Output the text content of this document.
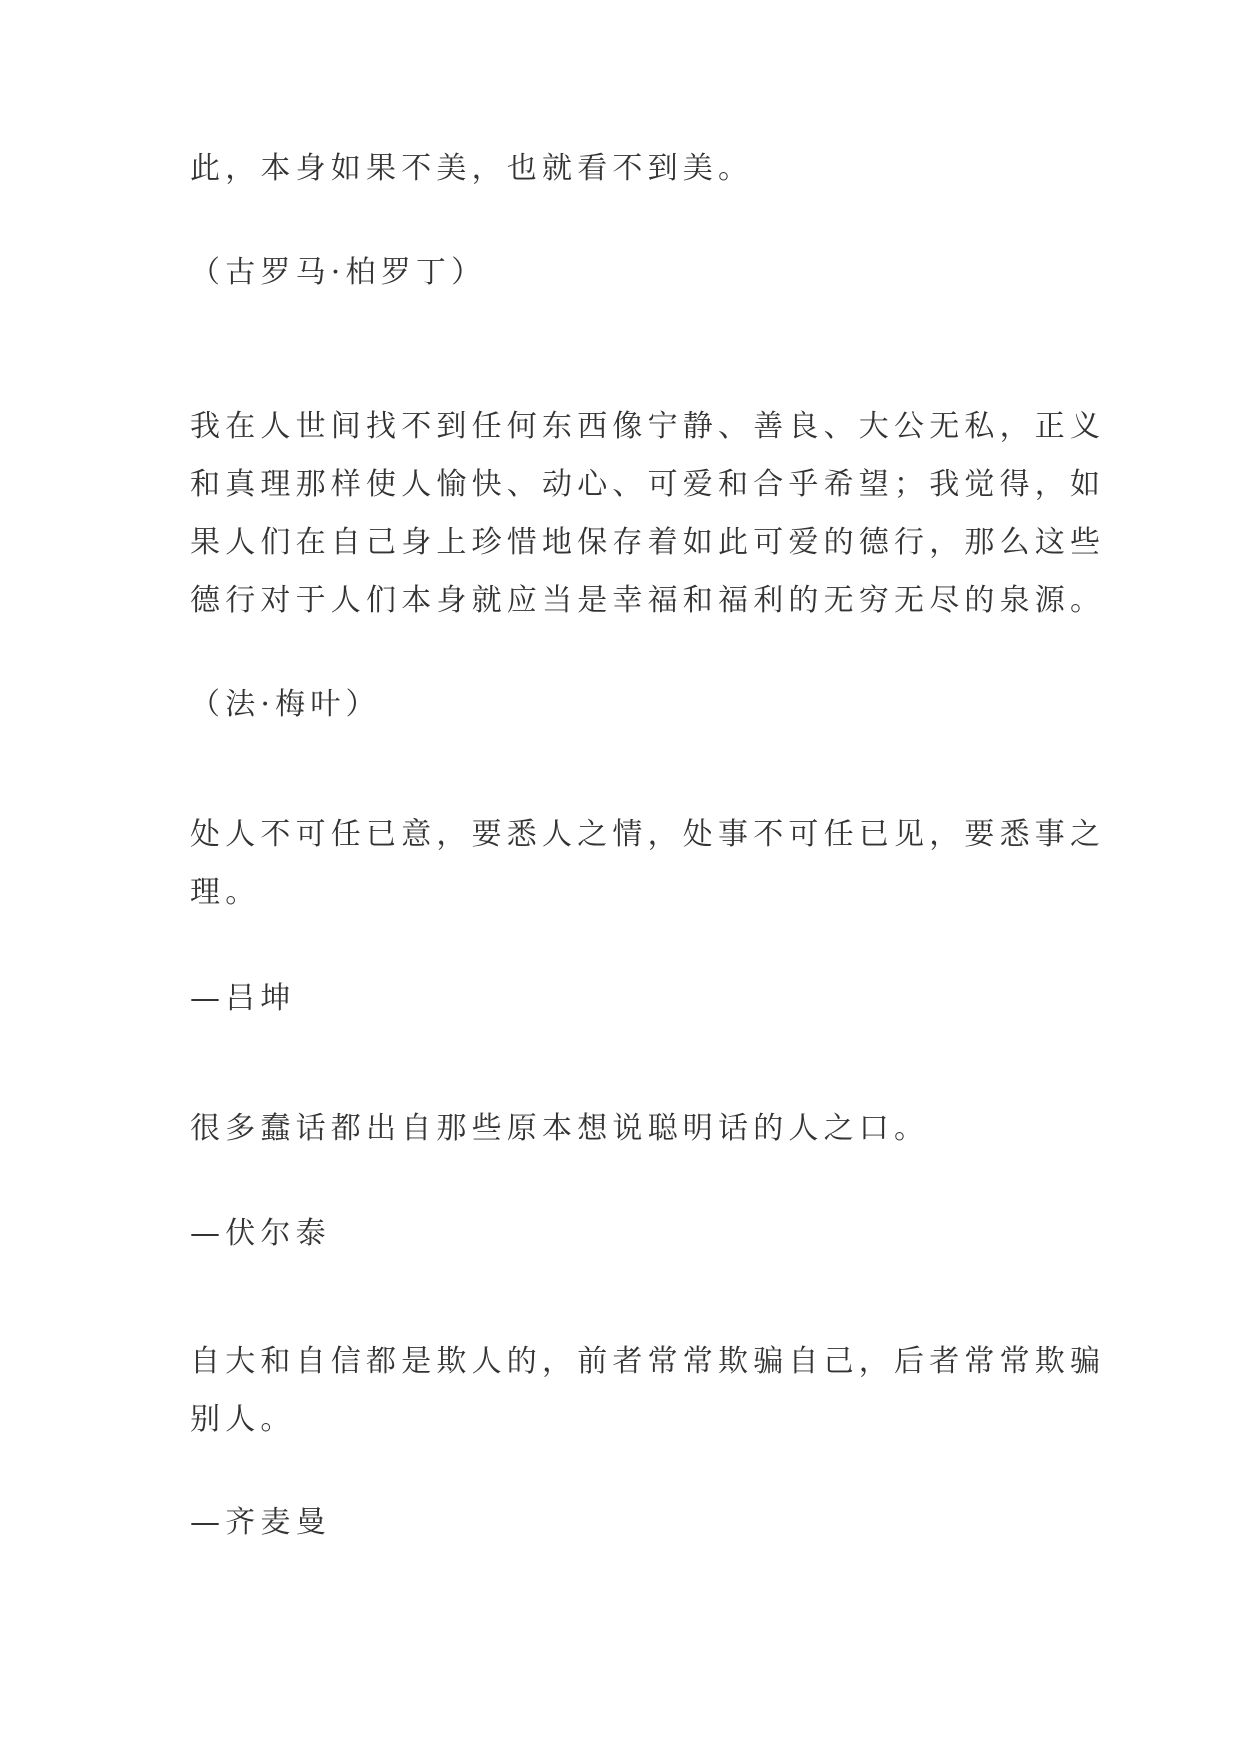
此，本身如果不美，也就看不到美。
（古罗马·柏罗丁）
我在人世间找不到任何东西像宁静、善良、大公无私，正义
和真理那样使人愉快、动心、可爱和合乎希望；我觉得，如
果人们在自己身上珍惜地保存着如此可爱的德行，那么这些
德行对于人们本身就应当是幸福和福利的无穷无尽的泉源。
（法·梅叶）
处人不可任已意，要悉人之情，处事不可任已见，要悉事之
理。
—吕坤
很多蠢话都出自那些原本想说聪明话的人之口。
—伏尔泰
自大和自信都是欺人的，前者常常欺骗自己，后者常常欺骗
别人。
—齐麦曼
